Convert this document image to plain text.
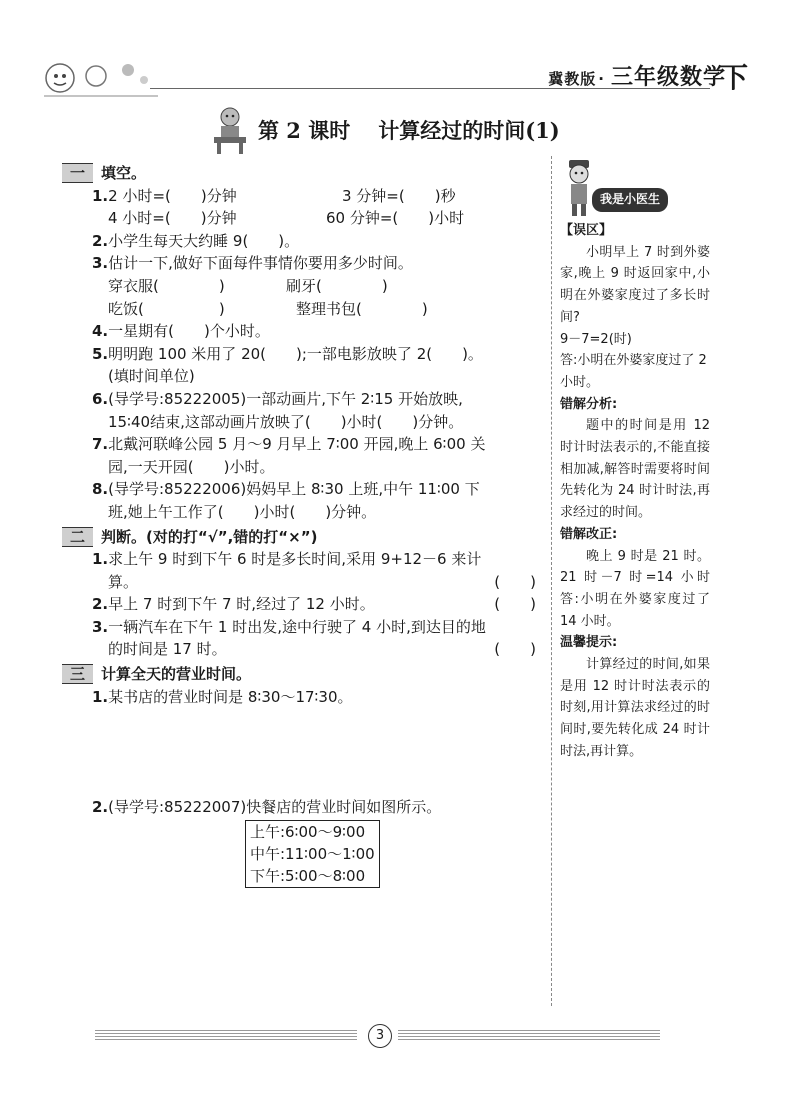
冀教版 · 三年级数学
下
第 2 课时 计算经过的时间(1)
一	填空。
1.2 小时=(　　)分钟	3 分钟=(　　)秒
4 小时=(　　)分钟	60 分钟=(　　)小时
2.小学生每天大约睡 9(　　)。
3.估计一下,做好下面每件事情你要用多少时间。
穿衣服(　　　　)	刷牙(　　　　)
吃饭(　　　　　)	整理书包(　　　　)
4.一星期有(　　)个小时。
5.明明跑 100 米用了 20(　　);一部电影放映了 2(　　)。
(填时间单位)
6.(导学号:85222005)一部动画片,下午 2∶15 开始放映,
15∶40结束,这部动画片放映了(　　)小时(　　)分钟。
7.北戴河联峰公园 5 月～9 月早上 7∶00 开园,晚上 6∶00 关
园,一天开园(　　)小时。
8.(导学号:85222006)妈妈早上 8∶30 上班,中午 11∶00 下
班,她上午工作了(　　)小时(　　)分钟。
二	判断。(对的打“√”,错的打“×”)
1.求上午 9 时到下午 6 时是多长时间,采用 9+12－6 来计
算。	(　　)
2.早上 7 时到下午 7 时,经过了 12 小时。	(　　)
3.一辆汽车在下午 1 时出发,途中行驶了 4 小时,到达目的地
的时间是 17 时。	(　　)
三	计算全天的营业时间。
1.某书店的营业时间是 8∶30～17∶30。
2.(导学号:85222007)快餐店的营业时间如图所示。
上午:6∶00～9∶00
中午:11∶00～1∶00
下午:5∶00～8∶00
我是小医生
【误区】

小明早上 7 时到外婆家,晚上 9 时返回家中,小明在外婆家度过了多长时间?

9－7=2(时)
答:小明在外婆家度过了 2 小时。
错解分析:

题中的时间是用 12 时计时法表示的,不能直接相加减,解答时需要将时间先转化为 24 时计时法,再求经过的时间。

错解改正:

晚上 9 时是 21 时。 21 时－7 时=14 小时 答:小明在外婆家度过了 14 小时。

温馨提示:

计算经过的时间,如果是用 12 时计时法表示的时刻,用计算法求经过的时间时,要先转化成 24 时计时法,再计算。

3
